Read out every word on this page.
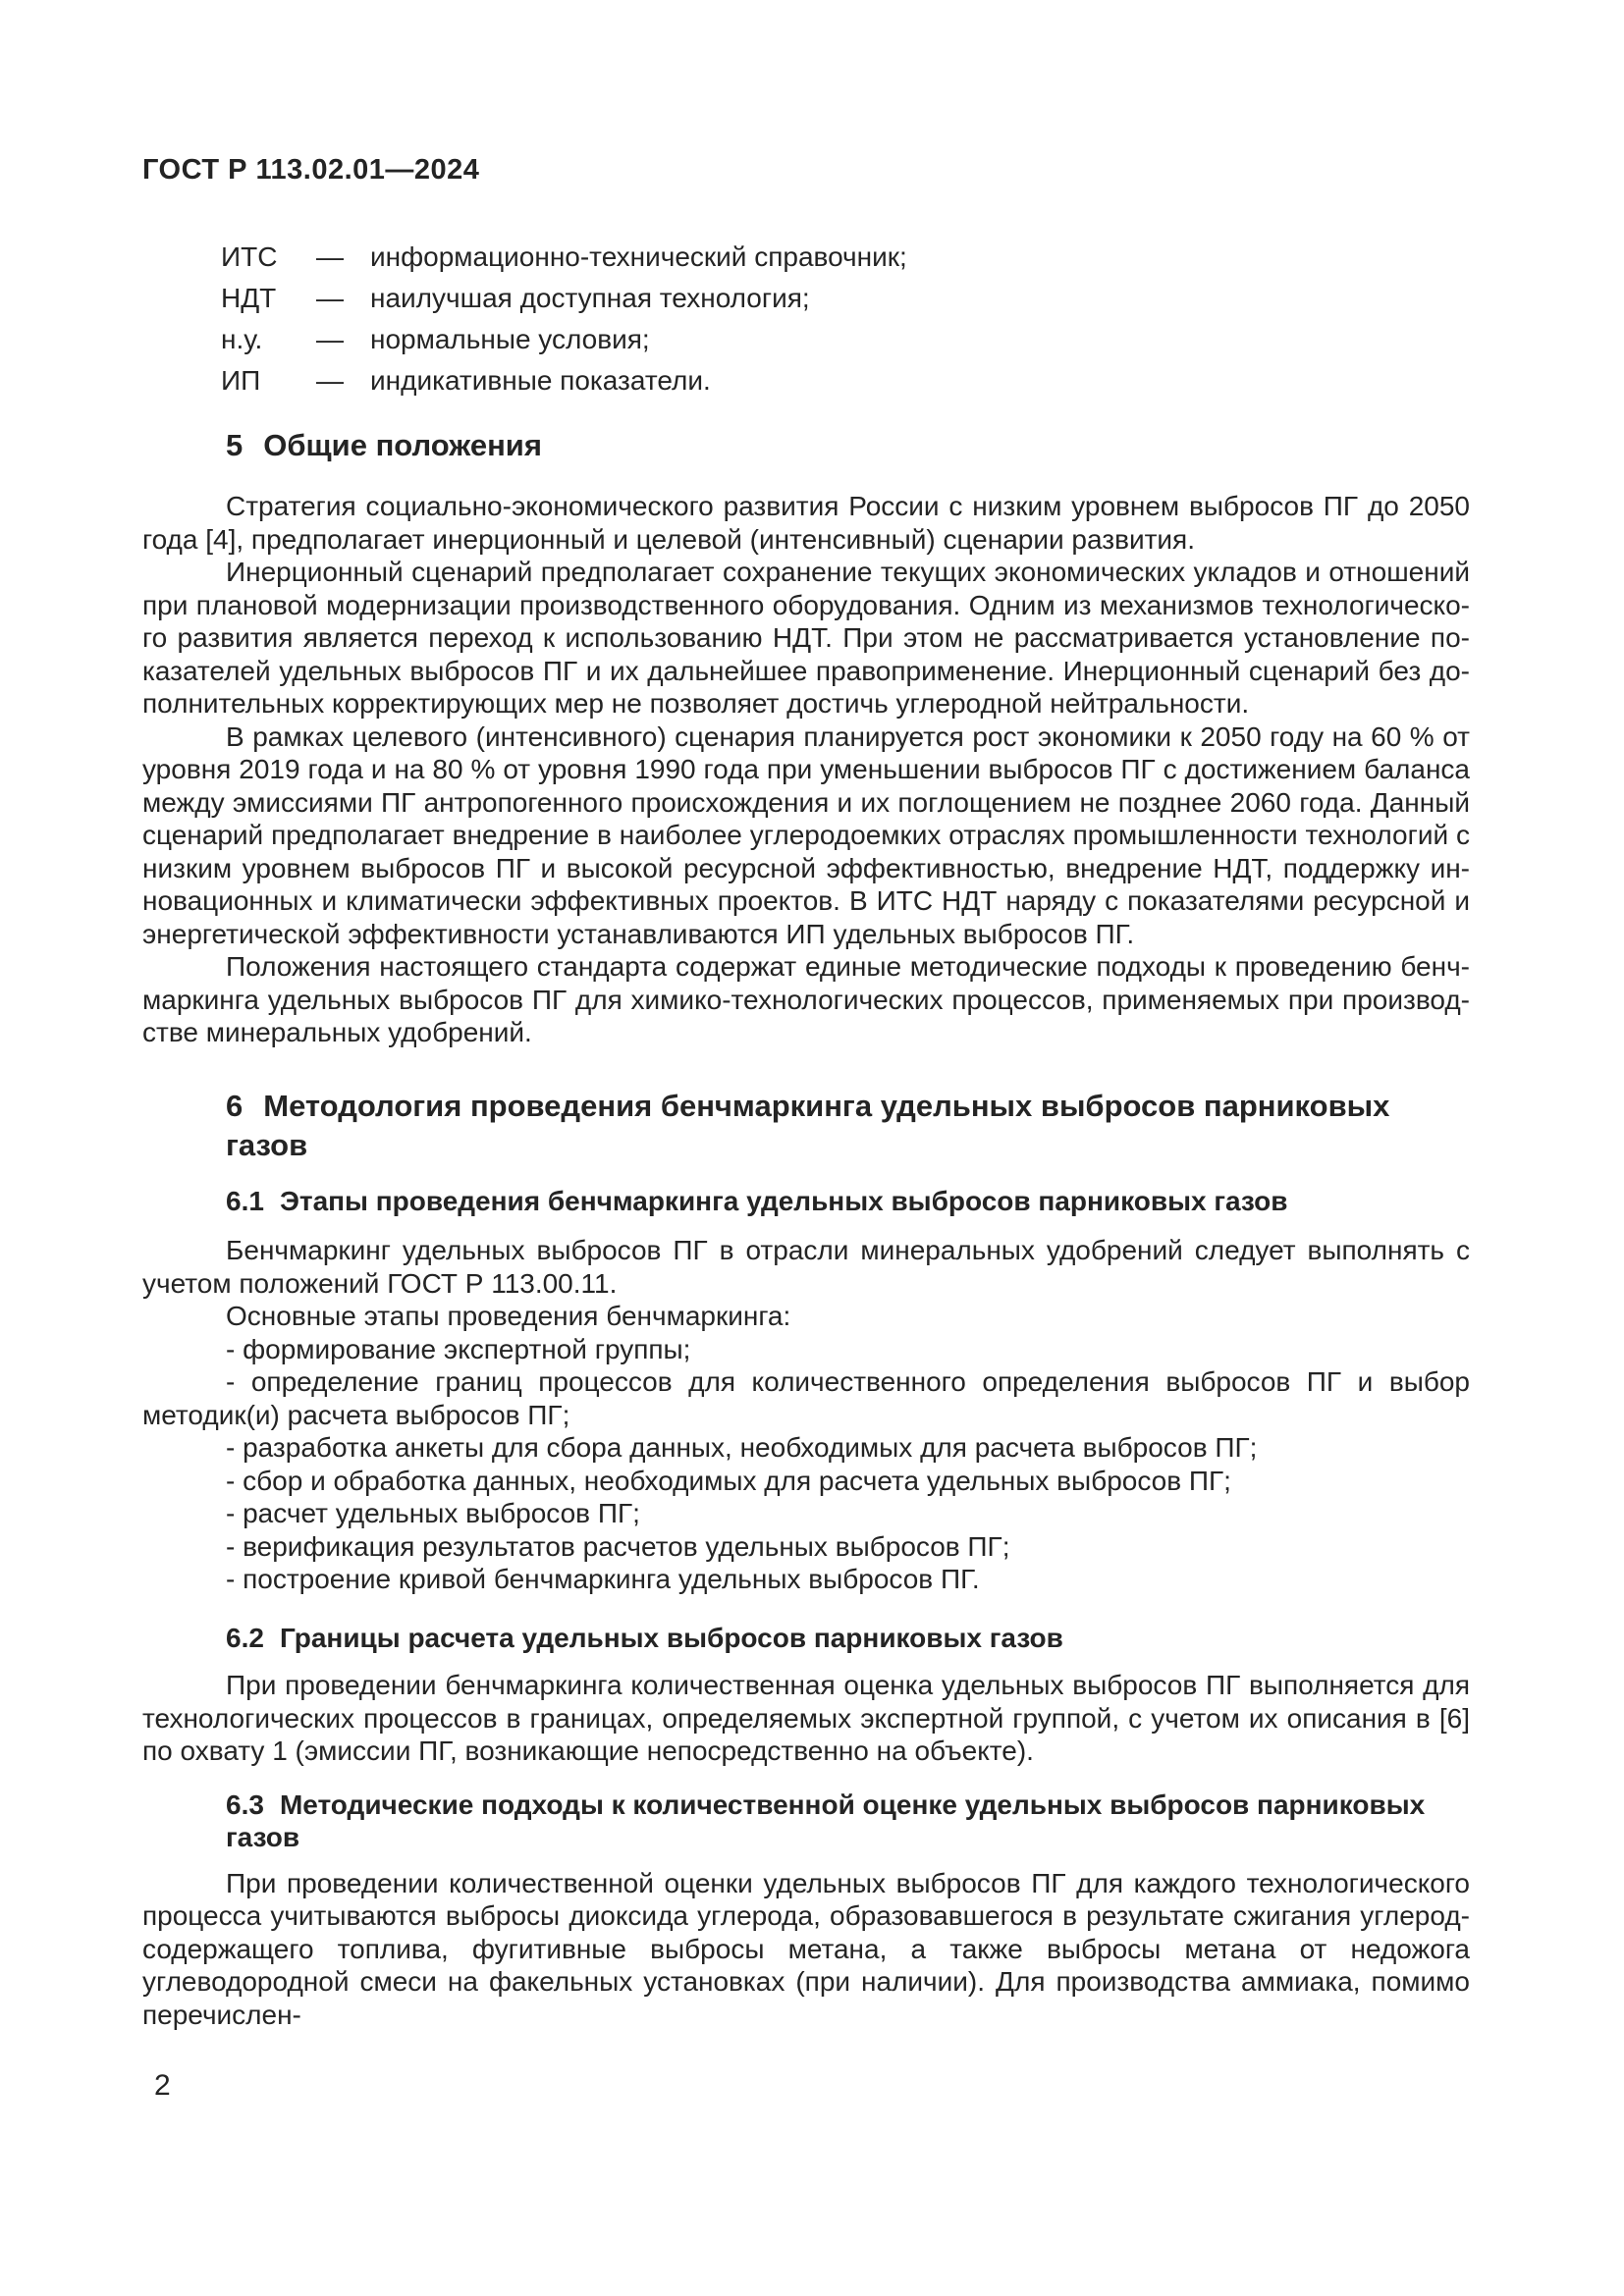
ГОСТ Р 113.02.01—2024
ИТС	— информационно-технический справочник;
НДТ	— наилучшая доступная технология;
н.у.	— нормальные условия;
ИП	— индикативные показатели.
5 Общие положения

Стратегия социально-экономического развития России с низким уровнем выбросов ПГ до 2050 года [4], предполагает инерционный и целевой (интенсивный) сценарии развития.

Инерционный сценарий предполагает сохранение текущих экономических укладов и отношений при плановой модернизации производственного оборудования. Одним из механизмов технологического развития является переход к использованию НДТ. При этом не рассматривается установление показателей удельных выбросов ПГ и их дальнейшее правоприменение. Инерционный сценарий без дополнительных корректирующих мер не позволяет достичь углеродной нейтральности.

В рамках целевого (интенсивного) сценария планируется рост экономики к 2050 году на 60 % от уровня 2019 года и на 80 % от уровня 1990 года при уменьшении выбросов ПГ с достижением баланса между эмиссиями ПГ антропогенного происхождения и их поглощением не позднее 2060 года. Данный сценарий предполагает внедрение в наиболее углеродоемких отраслях промышленности технологий с низким уровнем выбросов ПГ и высокой ресурсной эффективностью, внедрение НДТ, поддержку инновационных и климатически эффективных проектов. В ИТС НДТ наряду с показателями ресурсной и энергетической эффективности устанавливаются ИП удельных выбросов ПГ.

Положения настоящего стандарта содержат единые методические подходы к проведению бенчмаркинга удельных выбросов ПГ для химико-технологических процессов, применяемых при производстве минеральных удобрений.

6 Методология проведения бенчмаркинга удельных выбросов парниковых газов
6.1 Этапы проведения бенчмаркинга удельных выбросов парниковых газов

Бенчмаркинг удельных выбросов ПГ в отрасли минеральных удобрений следует выполнять с учетом положений ГОСТ Р 113.00.11.

Основные этапы проведения бенчмаркинга:

- формирование экспертной группы;

- определение границ процессов для количественного определения выбросов ПГ и выбор методик(и) расчета выбросов ПГ;

- разработка анкеты для сбора данных, необходимых для расчета выбросов ПГ;

- сбор и обработка данных, необходимых для расчета удельных выбросов ПГ;

- расчет удельных выбросов ПГ;

- верификация результатов расчетов удельных выбросов ПГ;

- построение кривой бенчмаркинга удельных выбросов ПГ.

6.2 Границы расчета удельных выбросов парниковых газов

При проведении бенчмаркинга количественная оценка удельных выбросов ПГ выполняется для технологических процессов в границах, определяемых экспертной группой, с учетом их описания в [6] по охвату 1 (эмиссии ПГ, возникающие непосредственно на объекте).

6.3 Методические подходы к количественной оценке удельных выбросов парниковых газов

При проведении количественной оценки удельных выбросов ПГ для каждого технологического процесса учитываются выбросы диоксида углерода, образовавшегося в результате сжигания углеродсодержащего топлива, фугитивные выбросы метана, а также выбросы метана от недожога углеводородной смеси на факельных установках (при наличии). Для производства аммиака, помимо перечислен-

2
